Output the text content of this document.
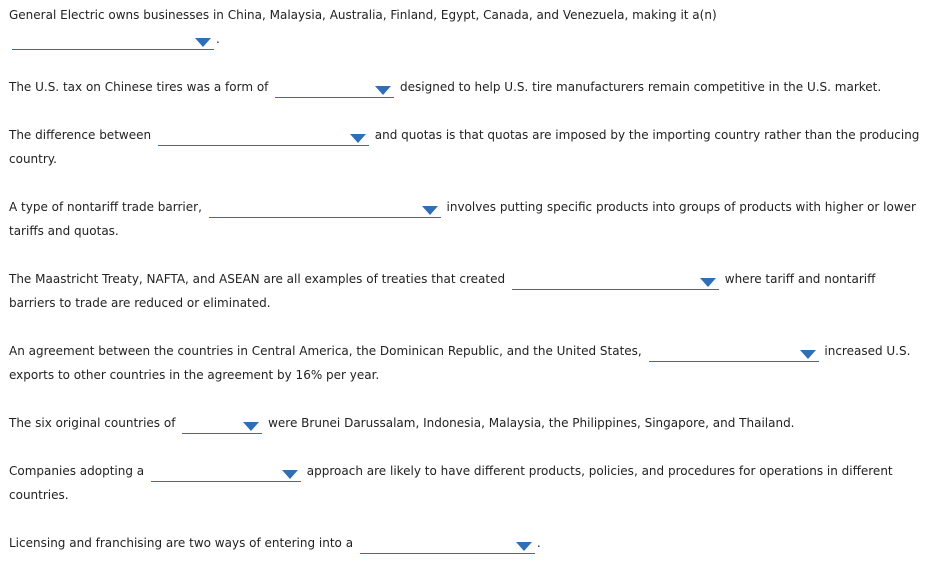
General Electric owns businesses in China, Malaysia, Australia, Finland, Egypt, Canada, and Venezuela, making it a(n)
.
The U.S. tax on Chinese tires was a form of	designed to help U.S. tire manufacturers remain competitive in the U.S. market.
The difference between	and quotas is that quotas are imposed by the importing country rather than the producing
country.
A type of nontariff trade barrier,	involves putting specific products into groups of products with higher or lower
tariffs and quotas.
The Maastricht Treaty, NAFTA, and ASEAN are all examples of treaties that created	where tariff and nontariff
barriers to trade are reduced or eliminated.
An agreement between the countries in Central America, the Dominican Republic, and the United States,	increased U.S.
exports to other countries in the agreement by 16% per year.
The six original countries of	were Brunei Darussalam, Indonesia, Malaysia, the Philippines, Singapore, and Thailand.
Companies adopting a	approach are likely to have different products, policies, and procedures for operations in different
countries.
Licensing and franchising are two ways of entering into a	.
